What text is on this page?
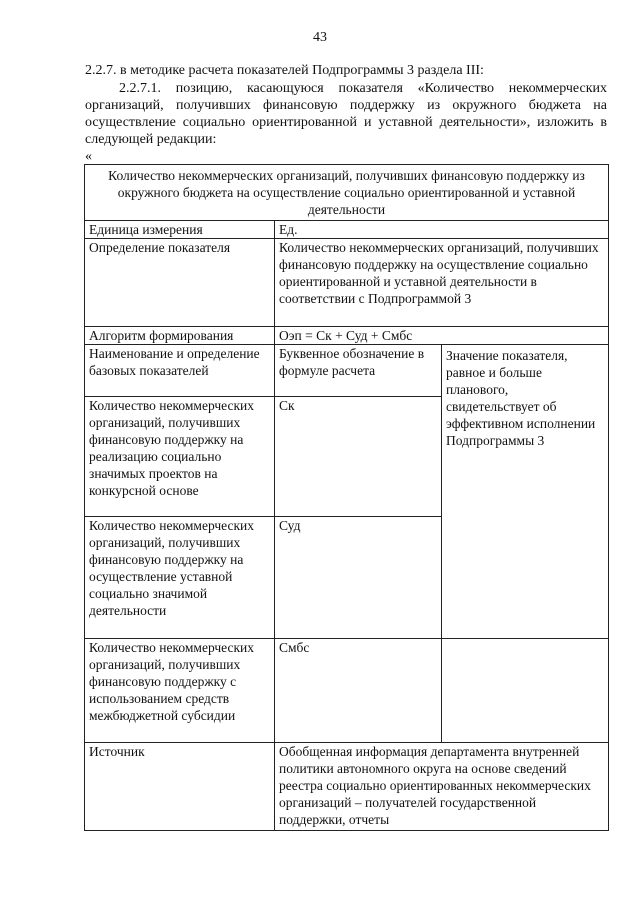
43
2.2.7. в методике расчета показателей Подпрограммы 3 раздела III:
2.2.7.1. позицию, касающуюся показателя «Количество некоммерческих организаций, получивших финансовую поддержку из окружного бюджета на осуществление социально ориентированной и уставной деятельности», изложить в следующей редакции:
«
Количество некоммерческих организаций, получивших финансовую поддержку из окружного бюджета на осуществление социально ориентированной и уставной деятельности		
Единица измерения	Ед.	
Определение показателя	Количество некоммерческих организаций, получивших финансовую поддержку на осуществление социально ориентированной и уставной деятельности в соответствии с Подпрограммой 3	
Алгоритм формирования	Оэп = Ск + Суд + Смбс	
Наименование и определение базовых показателей	Буквенное обозначение в формуле расчета	Значение показателя, равное и больше планового, свидетельствует об эффективном исполнении Подпрограммы 3
Количество некоммерческих организаций, получивших финансовую поддержку на реализацию социально значимых проектов на конкурсной основе	Ск	
Количество некоммерческих организаций, получивших финансовую поддержку на осуществление уставной социально значимой деятельности	Суд	
Количество некоммерческих организаций, получивших финансовую поддержку с использованием средств межбюджетной субсидии	Смбс	
Источник	Обобщенная информация департамента внутренней политики автономного округа на основе сведений реестра социально ориентированных некоммерческих организаций – получателей государственной поддержки, отчеты	
